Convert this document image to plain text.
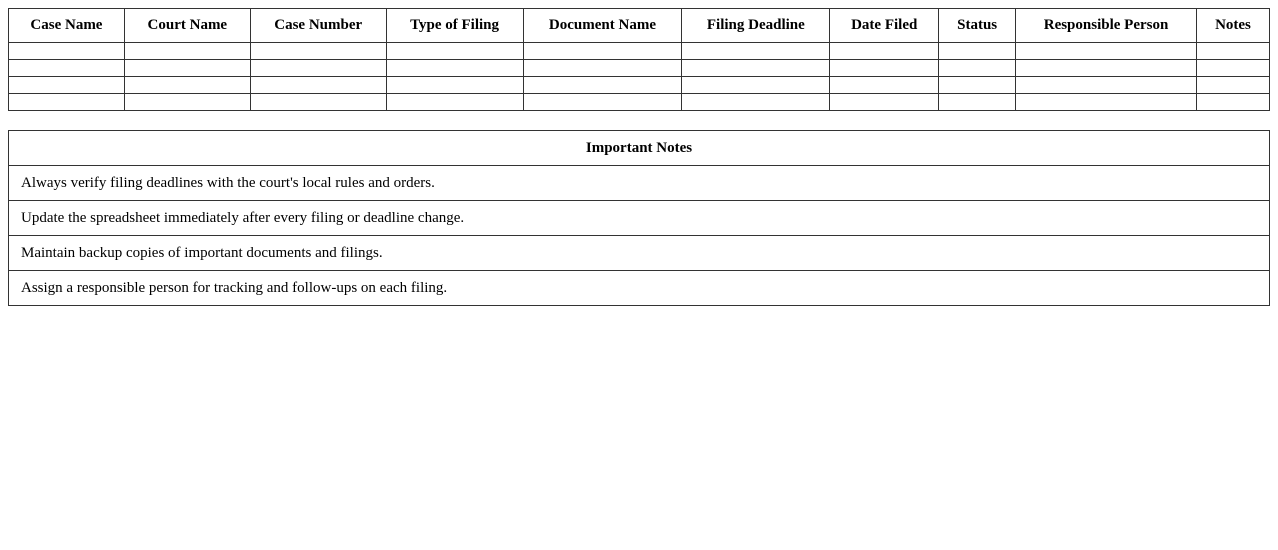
Case Name	Court Name	Case Number	Type of Filing	Document Name	Filing Deadline	Date Filed	Status	Responsible Person	Notes

Important Notes
Always verify filing deadlines with the court's local rules and orders.
Update the spreadsheet immediately after every filing or deadline change.
Maintain backup copies of important documents and filings.
Assign a responsible person for tracking and follow-ups on each filing.
